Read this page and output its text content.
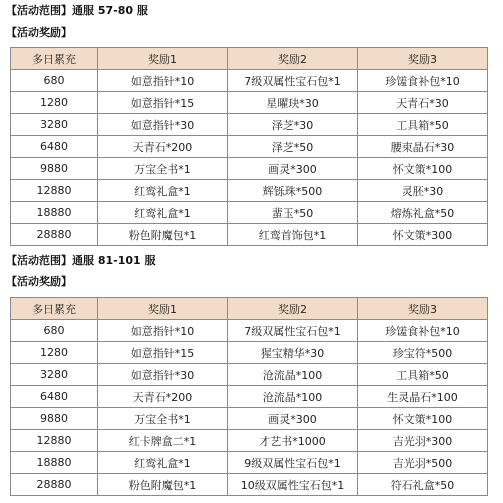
【活动范围】通服 57-80 服
【活动奖励】
多日累充	奖励1	奖励2	奖励3
680	如意指针*10	7级双属性宝石包*1	珍馐食补包*10
1280	如意指针*15	星曜玦*30	天青石*30
3280	如意指针*30	泽芝*30	工具箱*50
6480	天青石*200	泽芝*50	腰束晶石*30
9880	万宝全书*1	画灵*300	怀文策*100
12880	红鸾礼盒*1	辉铄珠*500	灵胚*30
18880	红鸾礼盒*1	蜚玉*50	熔炼礼盒*50
28880	粉色附魔包*1	红鸾首饰包*1	怀文策*300
【活动范围】通服 81-101 服
【活动奖励】
多日累充	奖励1	奖励2	奖励3
680	如意指针*10	7级双属性宝石包*1	珍馐食补包*10
1280	如意指针*15	猩宝精华*30	珍宝符*500
3280	如意指针*30	沧流晶*100	工具箱*50
6480	天青石*200	沧流晶*100	生灵晶石*100
9880	万宝全书*1	画灵*300	怀文策*100
12880	红卡牌盒二*1	才艺书*1000	吉光羽*300
18880	红鸾礼盒*1	9级双属性宝石包*1	吉光羽*500
28880	粉色附魔包*1	10级双属性宝石包*1	符石礼盒*50
